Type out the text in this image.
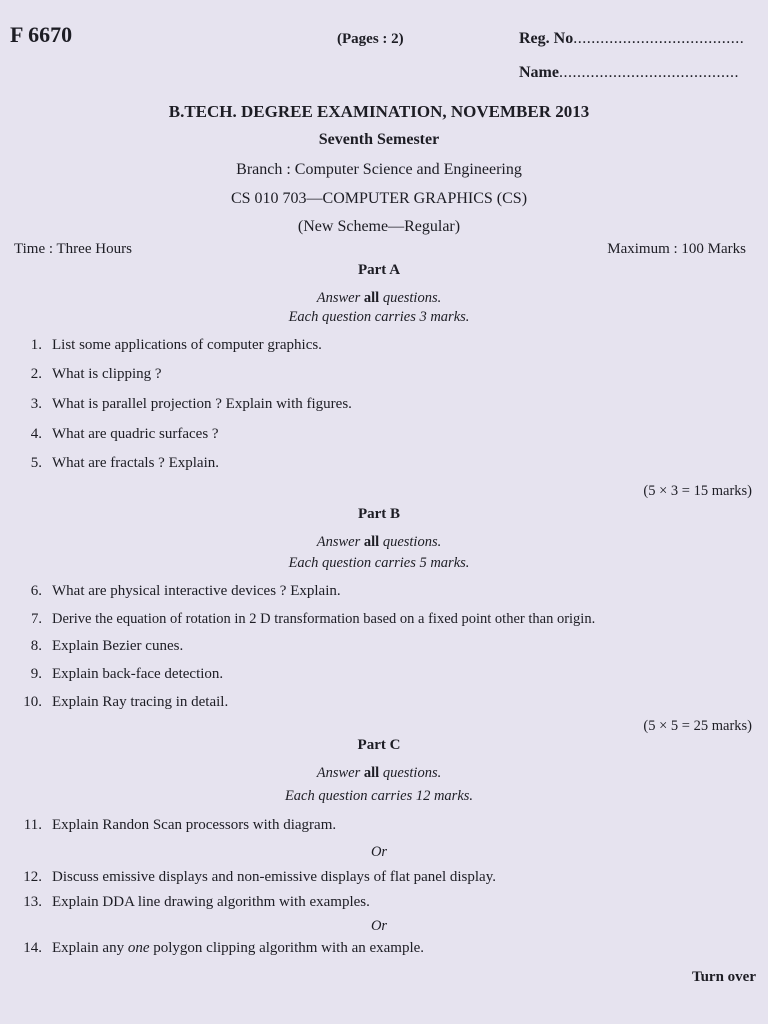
F 6670	(Pages : 2)	Reg. No......................................
Name........................................
B.TECH. DEGREE EXAMINATION, NOVEMBER 2013
Seventh Semester
Branch : Computer Science and Engineering
CS 010 703—COMPUTER GRAPHICS (CS)
(New Scheme—Regular)
Time : Three Hours	Maximum : 100 Marks
Part A
Answer all questions.
Each question carries 3 marks.
1. List some applications of computer graphics.
2. What is clipping ?
3. What is parallel projection ? Explain with figures.
4. What are quadric surfaces ?
5. What are fractals ? Explain.
(5 × 3 = 15 marks)
Part B
Answer all questions.
Each question carries 5 marks.
6. What are physical interactive devices ? Explain.
7. Derive the equation of rotation in 2 D transformation based on a fixed point other than origin.
8. Explain Bezier cunes.
9. Explain back-face detection.
10. Explain Ray tracing in detail.
(5 × 5 = 25 marks)
Part C
Answer all questions.
Each question carries 12 marks.
11. Explain Randon Scan processors with diagram.
Or
12. Discuss emissive displays and non-emissive displays of flat panel display.
13. Explain DDA line drawing algorithm with examples.
Or
14. Explain any one polygon clipping algorithm with an example.
Turn over
